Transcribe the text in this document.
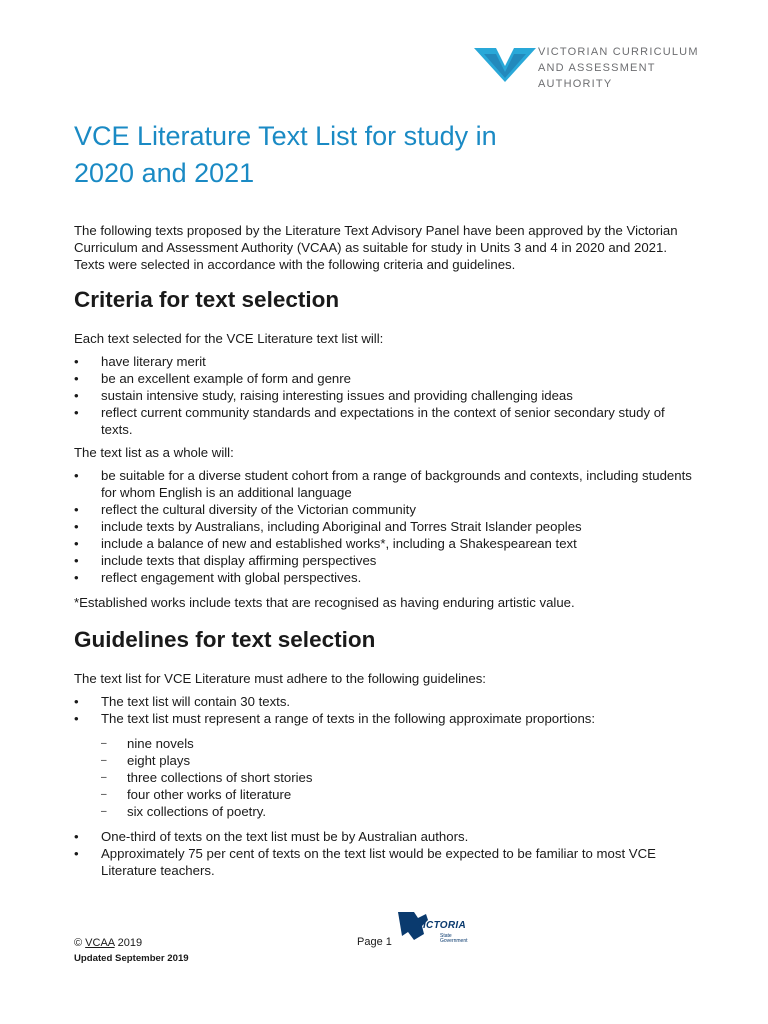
VICTORIAN CURRICULUM
AND ASSESSMENT AUTHORITY
VCE Literature Text List for study in
2020 and 2021

The following texts proposed by the Literature Text Advisory Panel have been approved by the Victorian Curriculum and Assessment Authority (VCAA) as suitable for study in Units 3 and 4 in 2020 and 2021. Texts were selected in accordance with the following criteria and guidelines.

Criteria for text selection

Each text selected for the VCE Literature text list will:

• have literary merit
• be an excellent example of form and genre
• sustain intensive study, raising interesting issues and providing challenging ideas
• reflect current community standards and expectations in the context of senior secondary study of texts.

The text list as a whole will:

• be suitable for a diverse student cohort from a range of backgrounds and contexts, including students for whom English is an additional language
• reflect the cultural diversity of the Victorian community
• include texts by Australians, including Aboriginal and Torres Strait Islander peoples
• include a balance of new and established works*, including a Shakespearean text
• include texts that display affirming perspectives
• reflect engagement with global perspectives.

*Established works include texts that are recognised as having enduring artistic value.

Guidelines for text selection

The text list for VCE Literature must adhere to the following guidelines:

• The text list will contain 30 texts.
• The text list must represent a range of texts in the following approximate proportions:
– nine novels
– eight plays
– three collections of short stories
– four other works of literature
– six collections of poetry.
• One-third of texts on the text list must be by Australian authors.
• Approximately 75 per cent of texts on the text list would be expected to be familiar to most VCE Literature teachers.
© VCAA 2019
Updated September 2019
Page 1
VICTORIA
State
Government
